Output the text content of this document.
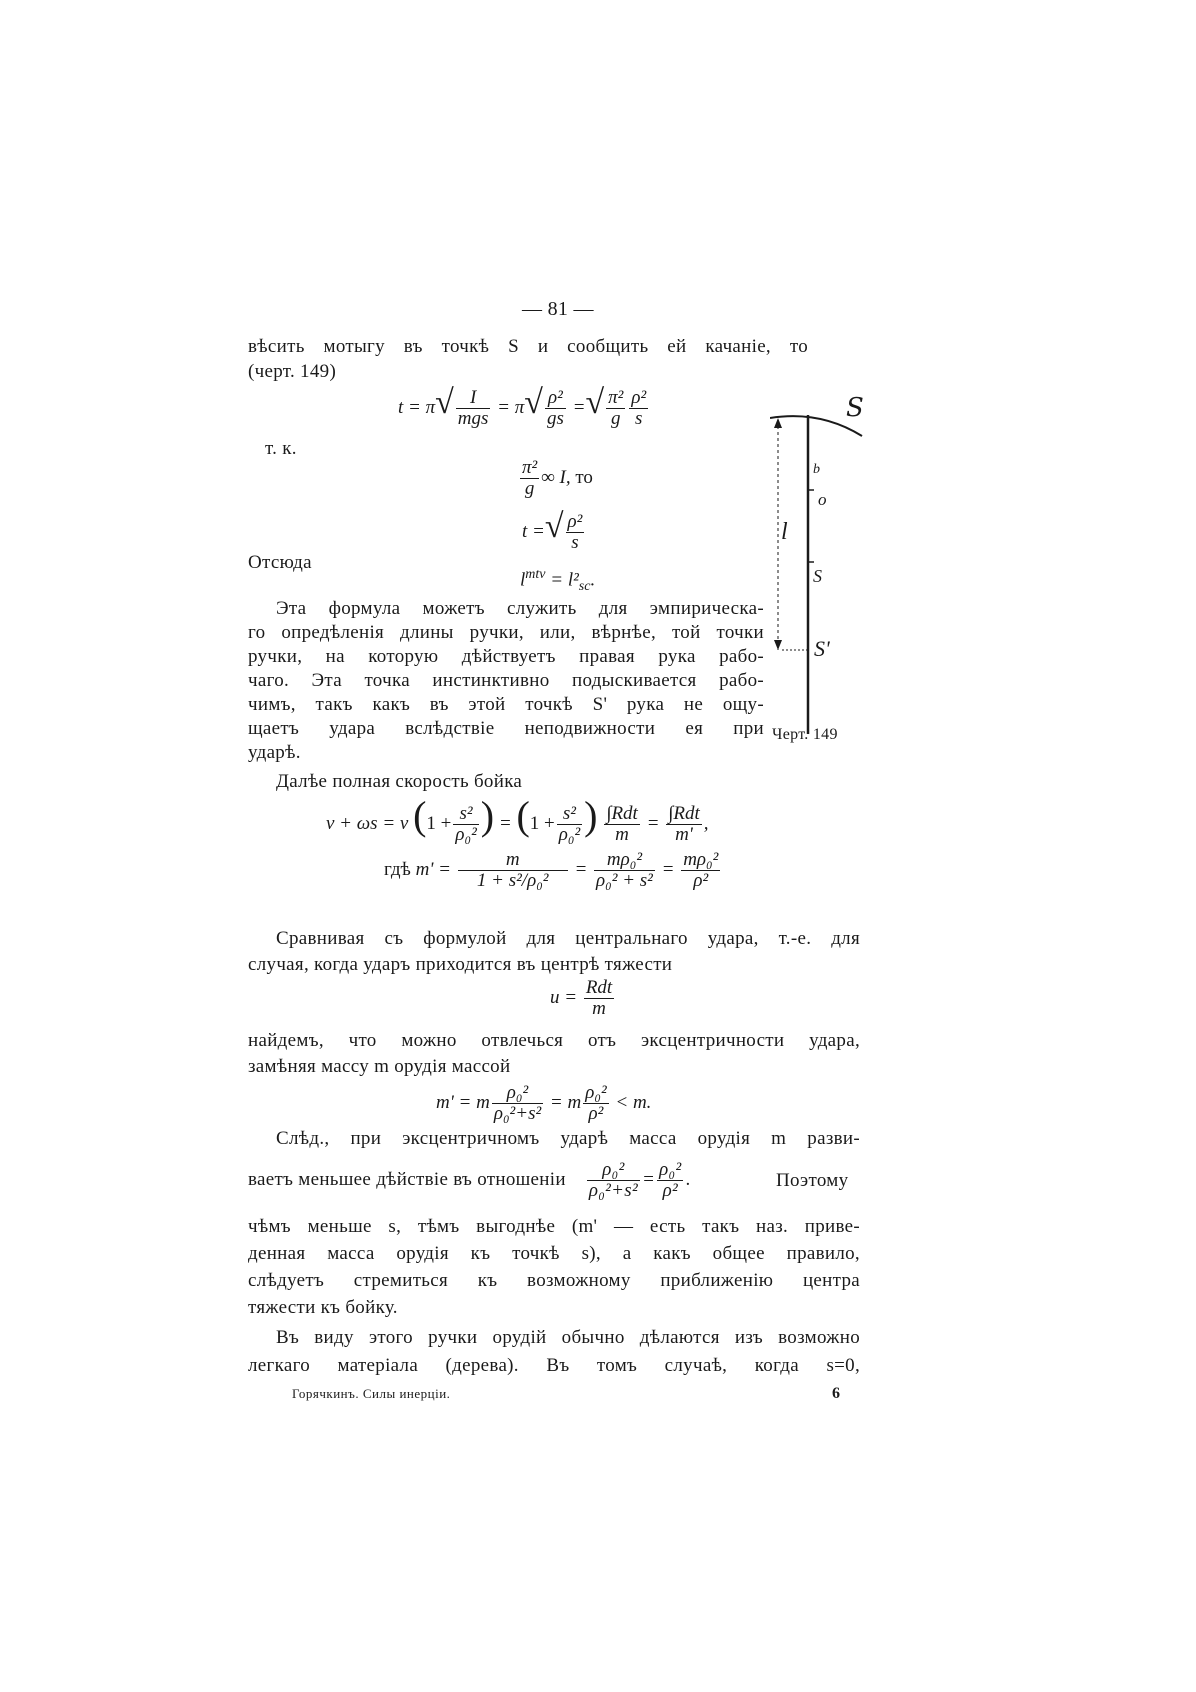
— 81 —
вѣсить мотыгу въ точкѣ S и сообщить ей качаніе, то
(черт. 149)
$t = \pi√ \frac{I}{\text{mgs}} = \pi√ \frac{\text{ρ²}}{gs}$ =√ $\frac{\text{π²}}{g} \frac{\text{ρ²}}{s}$
т. к.
$\frac{\text{π²}}{g}$ ∞ I, то
t =√ $\frac{\text{ρ²}}{s}$
Отсюда
$l^{mtv} = l^2_{sc}$.
Эта формула можетъ служить для эмпирическа-
го опредѣленія длины ручки, или, вѣрнѣе, той точки
ручки, на которую дѣйствуетъ правая рука рабо-
чаго. Эта точка инстинктивно подыскивается рабо-
чимъ, такъ какъ въ этой точкѣ S' рука не ощу-
щаетъ удара вслѣдствіе неподвижности ея при
ударѣ.
S
b
o
l
S
S'
Черт. 149
Далѣе полная скорость бойка
v + ωs = v ($1 + \frac{\text{s²}}{\text{ρ₀²}}$ ) = ($1 + \frac{\text{s²}}{\text{ρ₀²}}$ ) $\frac{\text{∫Rdt}}{m} = \frac{\text{∫Rdt}}{m'}$ ,
гдѣ $m' = \frac{m}{\text{1 + s²/ρ₀²}} = \frac{\text{mρ₀²}}{\text{ρ₀² + s²}} = \frac{\text{mρ₀²}}{\text{ρ²}}$
Сравнивая съ формулой для центральнаго удара, т.-е. для
случая, когда ударъ приходится въ центрѣ тяжести
$u = \frac{\text{Rdt}}{m}$
найдемъ, что можно отвлечься отъ эксцентричности удара,
замѣняя массу m орудія массой
m' = m $\frac{\text{ρ₀²}}{\text{ρ₀²+s²}} = m \frac{\text{ρ₀²}}{\text{ρ²}} < m$.
Слѣд., при эксцентричномъ ударѣ масса орудія m разви-
ваетъ меньшее дѣйствіе въ отношеніи $\frac{\text{ρ₀²}}{\text{ρ₀²+s²}} = \frac{\text{ρ₀²}}{\text{ρ²}}$ .	Поэтому
чѣмъ меньше s, тѣмъ выгоднѣе (m' — есть такъ наз. приве-
денная масса орудія къ точкѣ s), а какъ общее правило,
слѣдуетъ стремиться къ возможному приближенію центра
тяжести къ бойку.
Въ виду этого ручки орудій обычно дѣлаются изъ возможно
легкаго матеріала (дерева). Въ томъ случаѣ, когда s=0,
Горячкинъ. Силы инерціи.	6
